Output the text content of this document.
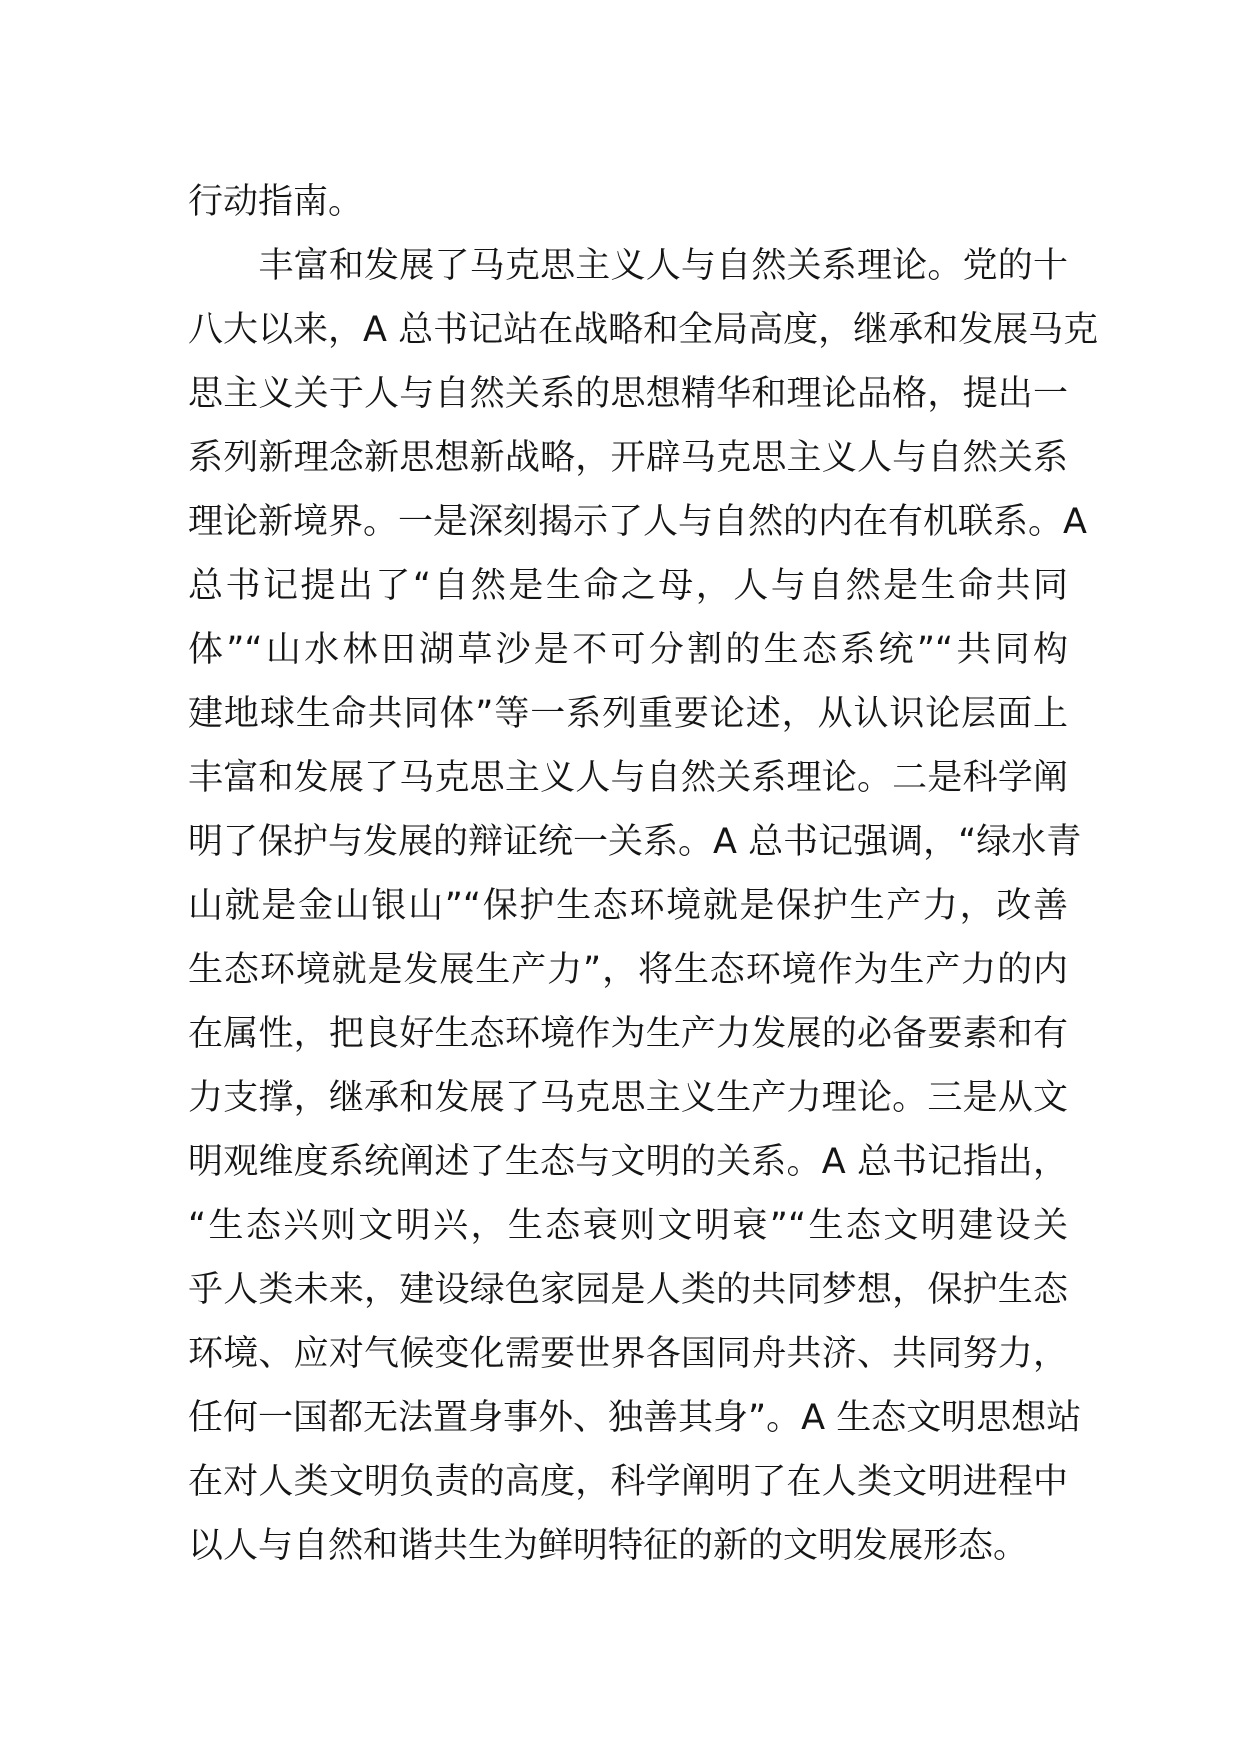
行动指南。
　　丰富和发展了马克思主义人与自然关系理论。党的十
八大以来，A 总书记站在战略和全局高度，继承和发展马克
思主义关于人与自然关系的思想精华和理论品格，提出一
系列新理念新思想新战略，开辟马克思主义人与自然关系
理论新境界。一是深刻揭示了人与自然的内在有机联系。A
总书记提出了“自然是生命之母，人与自然是生命共同
体”“山水林田湖草沙是不可分割的生态系统”“共同构
建地球生命共同体”等一系列重要论述，从认识论层面上
丰富和发展了马克思主义人与自然关系理论。二是科学阐
明了保护与发展的辩证统一关系。A 总书记强调，“绿水青
山就是金山银山”“保护生态环境就是保护生产力，改善
生态环境就是发展生产力”，将生态环境作为生产力的内
在属性，把良好生态环境作为生产力发展的必备要素和有
力支撑，继承和发展了马克思主义生产力理论。三是从文
明观维度系统阐述了生态与文明的关系。A 总书记指出，
“生态兴则文明兴，生态衰则文明衰”“生态文明建设关
乎人类未来，建设绿色家园是人类的共同梦想，保护生态
环境、应对气候变化需要世界各国同舟共济、共同努力，
任何一国都无法置身事外、独善其身”。A 生态文明思想站
在对人类文明负责的高度，科学阐明了在人类文明进程中
以人与自然和谐共生为鲜明特征的新的文明发展形态。
